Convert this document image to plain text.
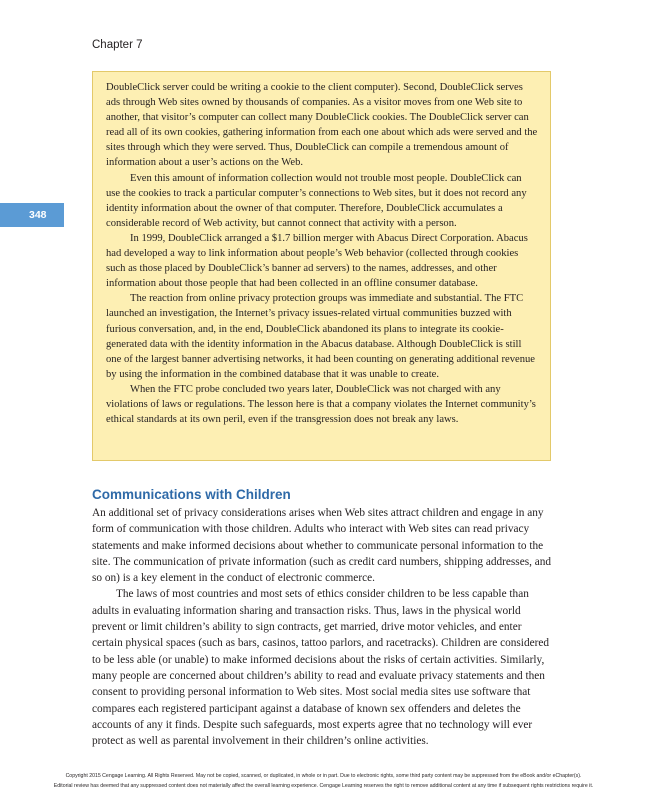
Chapter 7
348

DoubleClick server could be writing a cookie to the client computer). Second, DoubleClick serves ads through Web sites owned by thousands of companies. As a visitor moves from one Web site to another, that visitor’s computer can collect many DoubleClick cookies. The DoubleClick server can read all of its own cookies, gathering information from each one about which ads were served and the sites through which they were served. Thus, DoubleClick can compile a tremendous amount of information about a user’s actions on the Web.

Even this amount of information collection would not trouble most people. DoubleClick can use the cookies to track a particular computer’s connections to Web sites, but it does not record any identity information about the owner of that computer. Therefore, DoubleClick accumulates a considerable record of Web activity, but cannot connect that activity with a person.

In 1999, DoubleClick arranged a $1.7 billion merger with Abacus Direct Corporation. Abacus had developed a way to link information about people’s Web behavior (collected through cookies such as those placed by DoubleClick’s banner ad servers) to the names, addresses, and other information about those people that had been collected in an offline consumer database.

The reaction from online privacy protection groups was immediate and substantial. The FTC launched an investigation, the Internet’s privacy issues-related virtual communities buzzed with furious conversation, and, in the end, DoubleClick abandoned its plans to integrate its cookie-generated data with the identity information in the Abacus database. Although DoubleClick is still one of the largest banner advertising networks, it had been counting on generating additional revenue by using the information in the combined database that it was unable to create.

When the FTC probe concluded two years later, DoubleClick was not charged with any violations of laws or regulations. The lesson here is that a company violates the Internet community’s ethical standards at its own peril, even if the transgression does not break any laws.

Communications with Children

An additional set of privacy considerations arises when Web sites attract children and engage in any form of communication with those children. Adults who interact with Web sites can read privacy statements and make informed decisions about whether to communicate personal information to the site. The communication of private information (such as credit card numbers, shipping addresses, and so on) is a key element in the conduct of electronic commerce.

The laws of most countries and most sets of ethics consider children to be less capable than adults in evaluating information sharing and transaction risks. Thus, laws in the physical world prevent or limit children’s ability to sign contracts, get married, drive motor vehicles, and enter certain physical spaces (such as bars, casinos, tattoo parlors, and racetracks). Children are considered to be less able (or unable) to make informed decisions about the risks of certain activities. Similarly, many people are concerned about children’s ability to read and evaluate privacy statements and then consent to providing personal information to Web sites. Most social media sites use software that compares each registered participant against a database of known sex offenders and deletes the accounts of any it finds. Despite such safeguards, most experts agree that no technology will ever protect as well as parental involvement in their children’s online activities.

Copyright 2015 Cengage Learning. All Rights Reserved. May not be copied, scanned, or duplicated, in whole or in part. Due to electronic rights, some third party content may be suppressed from the eBook and/or eChapter(s).
Editorial review has deemed that any suppressed content does not materially affect the overall learning experience. Cengage Learning reserves the right to remove additional content at any time if subsequent rights restrictions require it.
